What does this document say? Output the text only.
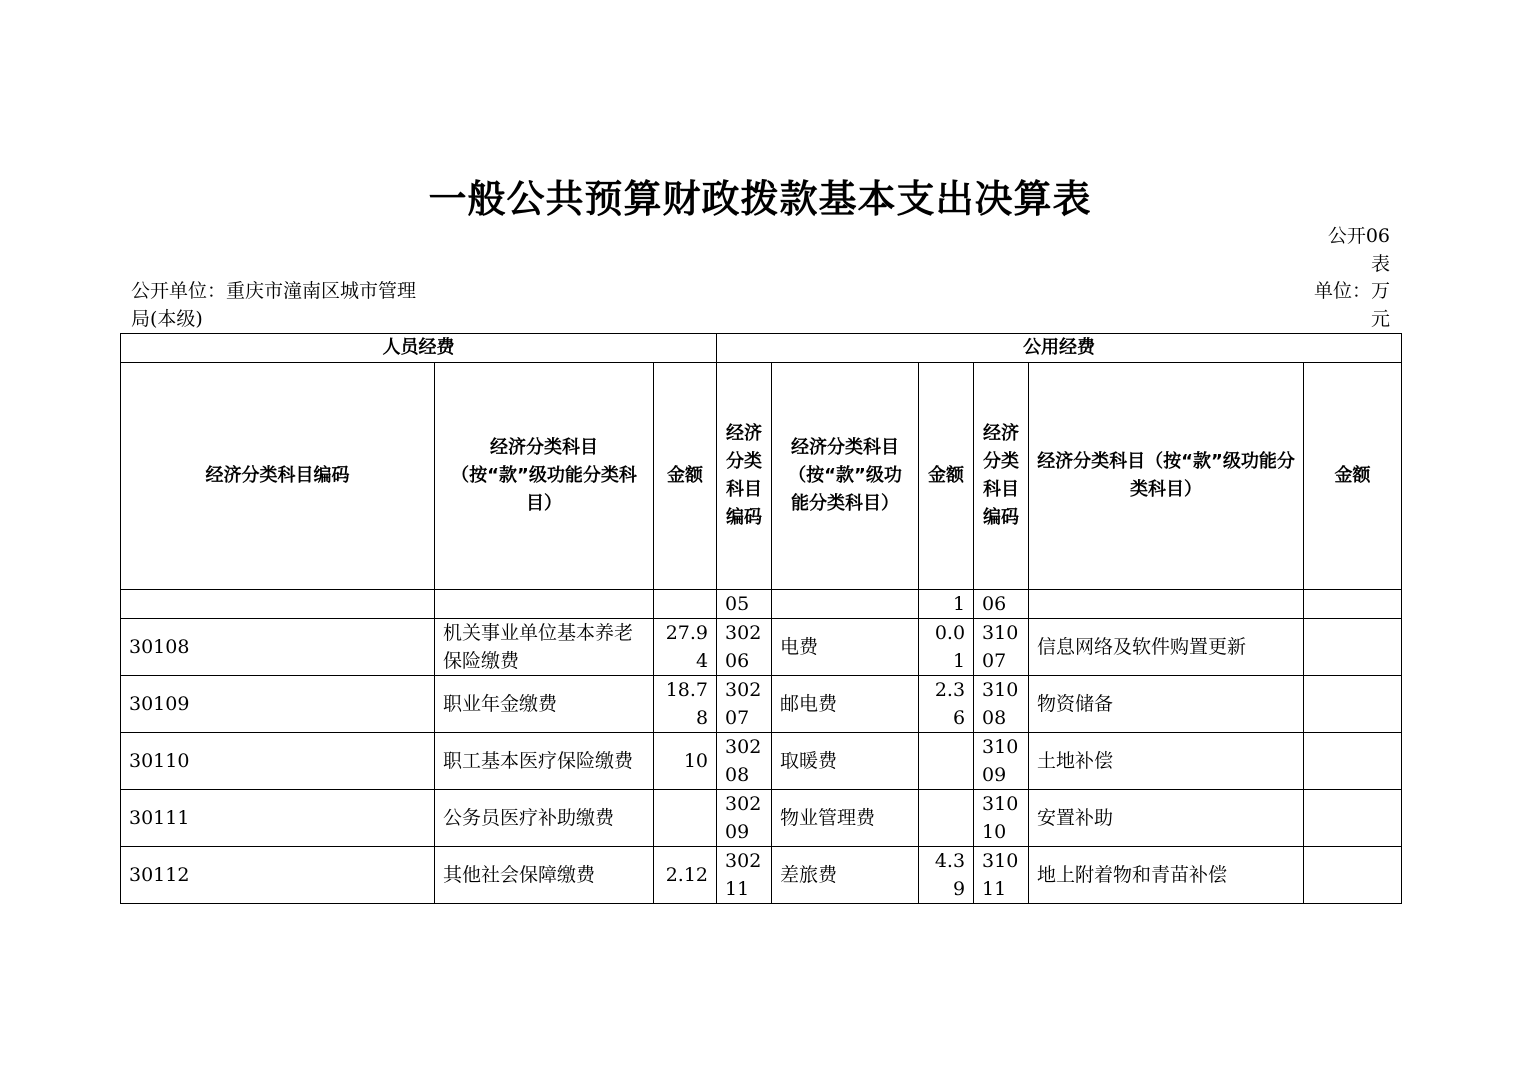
一般公共预算财政拨款基本支出决算表
公开06表
公开单位：重庆市潼南区城市管理局(本级)
单位：万元
人员经费			公用经费					
经济分类科目编码	经济分类科目（按“款”级功能分类科目）	金额	经济分类科目编码	经济分类科目（按“款”级功能分类科目）	金额	经济分类科目编码	经济分类科目（按“款”级功能分类科目）	金额
			05		1	06		
30108	机关事业单位基本养老保险缴费	27.94	30206	电费	0.01	31007	信息网络及软件购置更新	
30109	职业年金缴费	18.78	30207	邮电费	2.36	31008	物资储备	
30110	职工基本医疗保险缴费	10	30208	取暖费		31009	土地补偿	
30111	公务员医疗补助缴费		30209	物业管理费		31010	安置补助	
30112	其他社会保障缴费	2.12	30211	差旅费	4.39	31011	地上附着物和青苗补偿	
